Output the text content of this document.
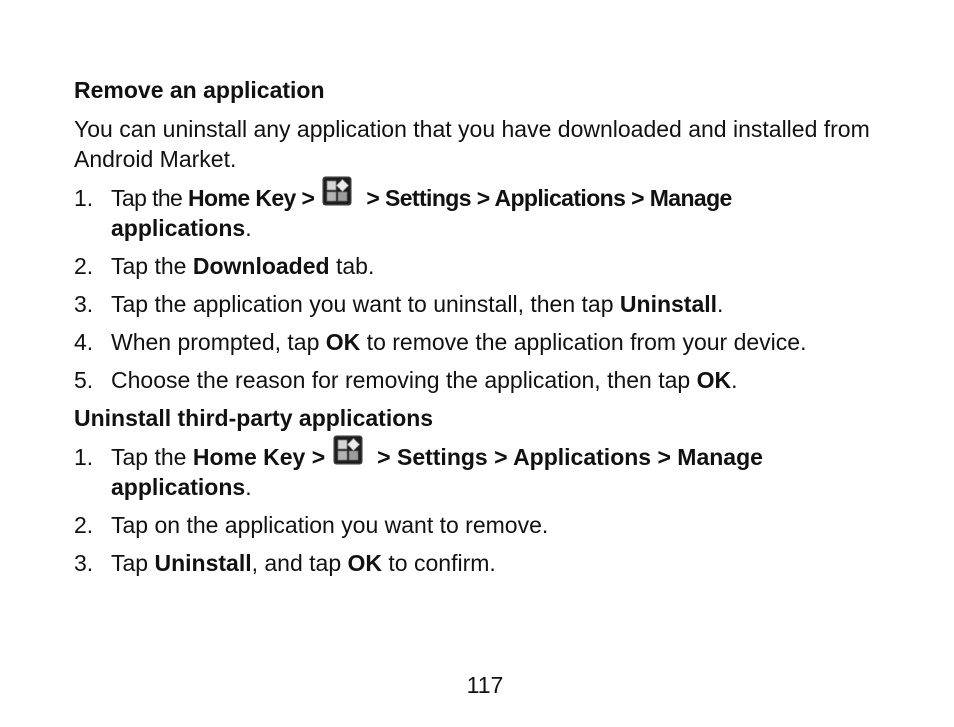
Remove an application
You can uninstall any application that you have downloaded and installed from Android Market.
1. Tap the Home Key > > Settings > Applications > Manage
applications.
2. Tap the Downloaded tab.
3. Tap the application you want to uninstall, then tap Uninstall.
4. When prompted, tap OK to remove the application from your device.
5. Choose the reason for removing the application, then tap OK.
Uninstall third-party applications
1. Tap the Home Key > > Settings > Applications > Manage
applications.
2. Tap on the application you want to remove.
3. Tap Uninstall, and tap OK to confirm.
117
